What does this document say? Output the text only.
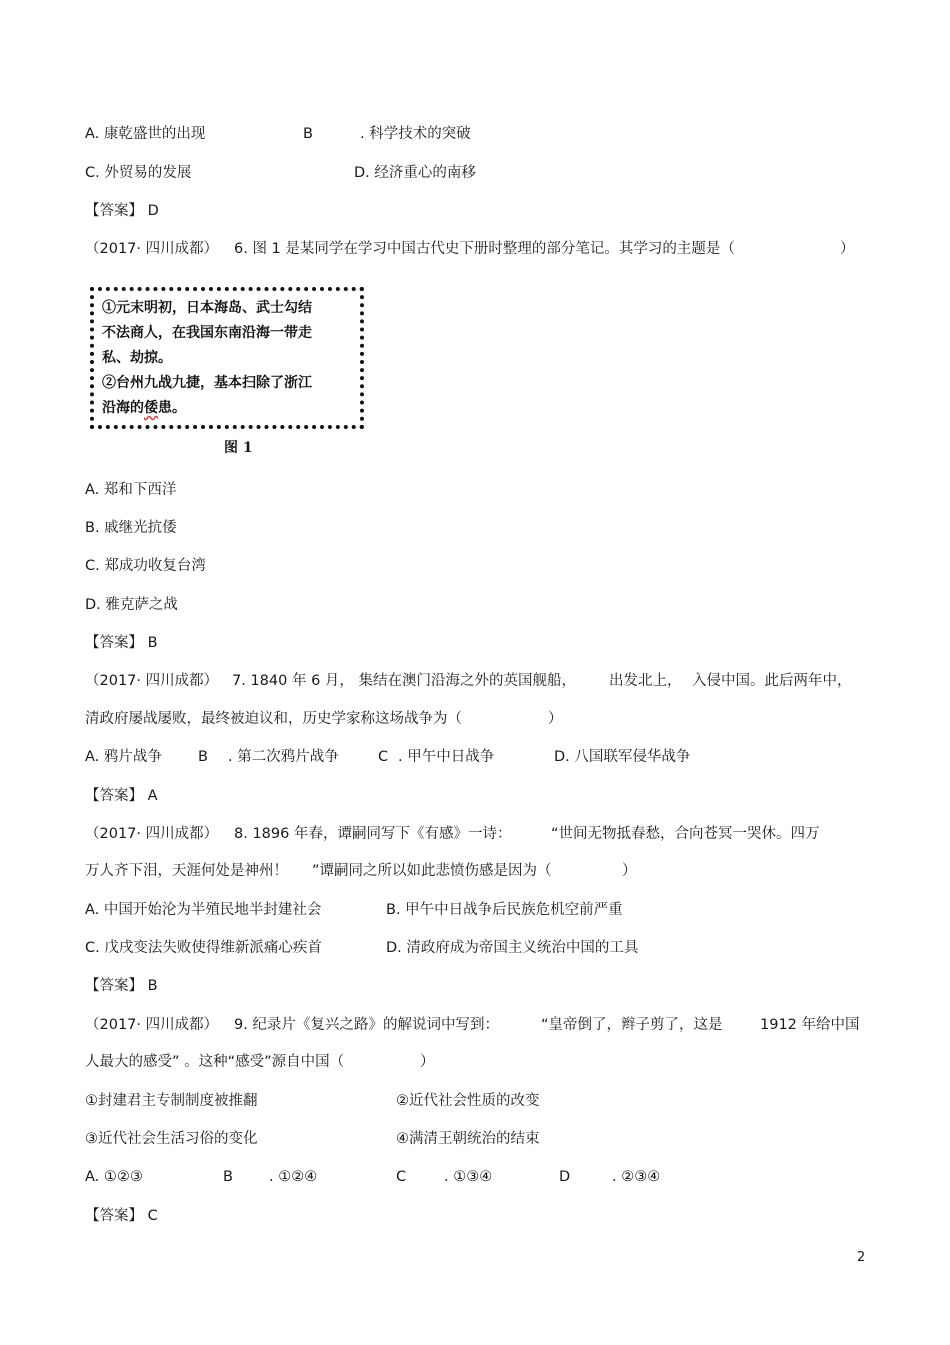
A. 康乾盛世的出现	B	. 科学技术的突破
C. 外贸易的发展	D. 经济重心的南移
【答案】 D
（2017· 四川成都） 6. 图 1 是某同学在学习中国古代史下册时整理的部分笔记。其学习的主题是（	）
①元末明初，日本海岛、武士勾结
不法商人，在我国东南沿海一带走
私、劫掠。
②台州九战九捷，基本扫除了浙江
沿海的倭患。
图 1
A. 郑和下西洋
B. 戚继光抗倭
C. 郑成功收复台湾
D. 雅克萨之战
【答案】 B
（2017· 四川成都） 7. 1840 年 6 月， 集结在澳门沿海之外的英国舰船， 出发北上， 入侵中国。此后两年中，
清政府屡战屡败，最终被迫议和，历史学家称这场战争为（	）
A. 鸦片战争 B . 第二次鸦片战争	C . 甲午中日战争	D. 八国联军侵华战争
【答案】 A
（2017· 四川成都） 8. 1896 年春，谭嗣同写下《有感》一诗：	“世间无物抵春愁，合向苍冥一哭休。四万
万人齐下泪，天涯何处是神州！ ”谭嗣同之所以如此悲愤伤感是因为（	）
A. 中国开始沦为半殖民地半封建社会	B. 甲午中日战争后民族危机空前严重
C. 戊戌变法失败使得维新派痛心疾首	D. 清政府成为帝国主义统治中国的工具
【答案】 B
（2017· 四川成都） 9. 纪录片《复兴之路》的解说词中写到：	“皇帝倒了，辫子剪了，这是	1912 年给中国
人最大的感受” 。这种“感受”源自中国（	）
①封建君主专制制度被推翻	②近代社会性质的改变
③近代社会生活习俗的变化	④满清王朝统治的结束
A. ①②③	B . ①②④	C	. ①③④	D	. ②③④
【答案】 C
2
